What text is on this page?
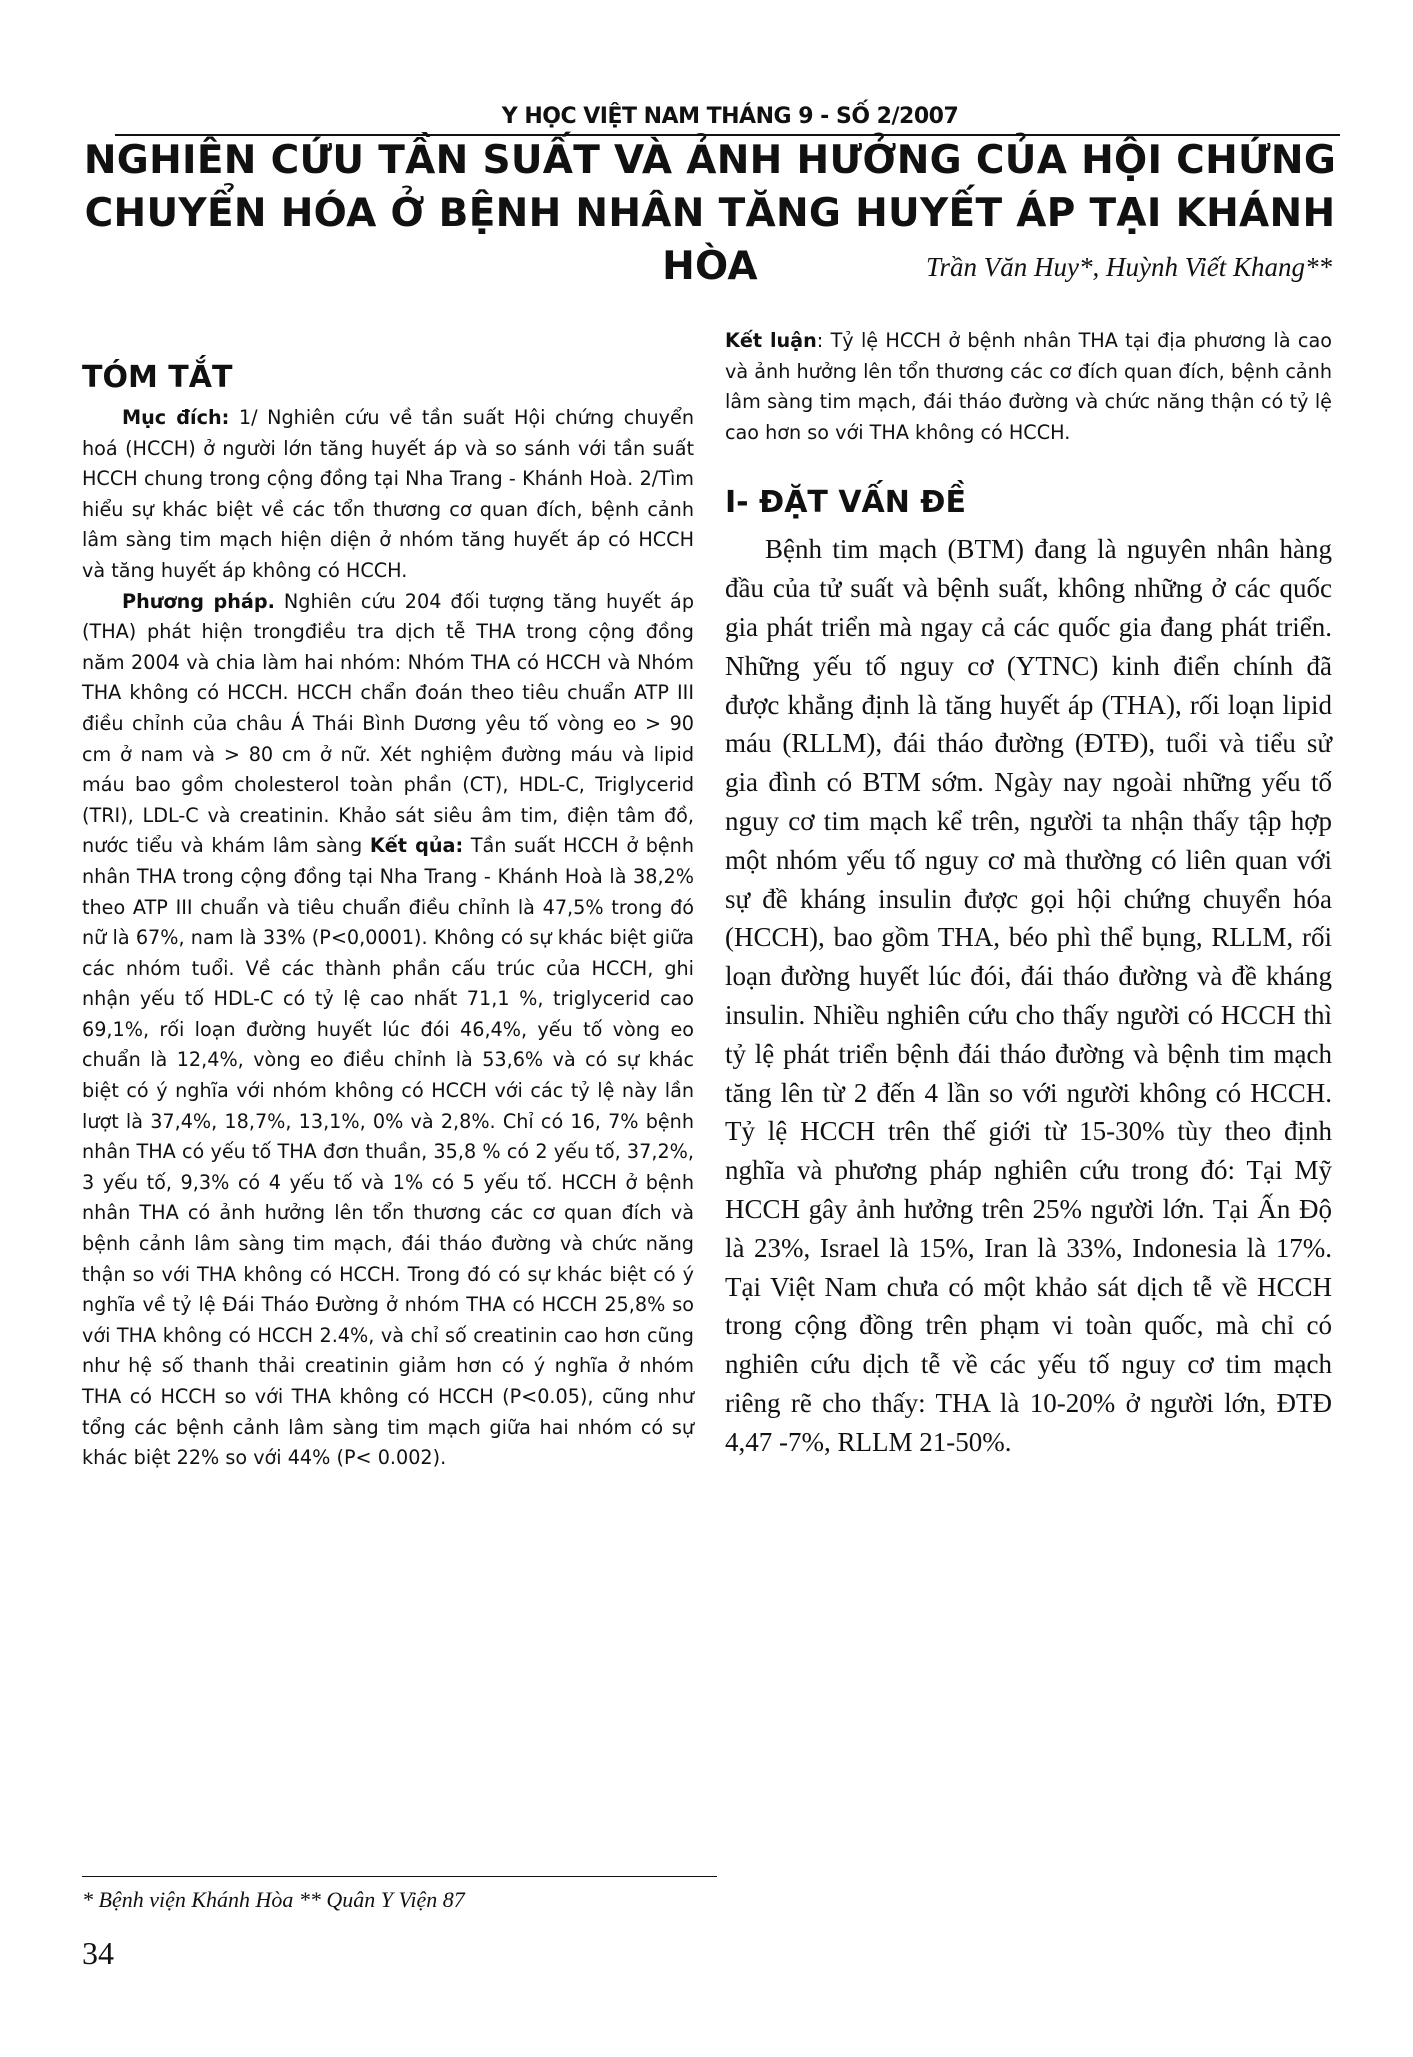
Y HỌC VIỆT NAM THÁNG 9 - SỐ 2/2007
NGHIÊN CỨU TẦN SUẤT VÀ ẢNH HƯỞNG CỦA HỘI CHỨNG
CHUYỂN HÓA Ở BỆNH NHÂN TĂNG HUYẾT ÁP TẠI KHÁNH HÒA	Trần Văn Huy*, Huỳnh Viết Khang**
TÓM TẮT

Mục đích: 1/ Nghiên cứu về tần suất Hội chứng chuyển hoá (HCCH) ở người lớn tăng huyết áp và so sánh với tần suất HCCH chung trong cộng đồng tại Nha Trang - Khánh Hoà. 2/Tìm hiểu sự khác biệt về các tổn thương cơ quan đích, bệnh cảnh lâm sàng tim mạch hiện diện ở nhóm tăng huyết áp có HCCH và tăng huyết áp không có HCCH.

Phương pháp. Nghiên cứu 204 đối tượng tăng huyết áp (THA) phát hiện trongđiều tra dịch tễ THA trong cộng đồng năm 2004 và chia làm hai nhóm: Nhóm THA có HCCH và Nhóm THA không có HCCH. HCCH chẩn đoán theo tiêu chuẩn ATP III điều chỉnh của châu Á Thái Bình Dương yêu tố vòng eo > 90 cm ở nam và > 80 cm ở nữ. Xét nghiệm đường máu và lipid máu bao gồm cholesterol toàn phần (CT), HDL-C, Triglycerid (TRI), LDL-C và creatinin. Khảo sát siêu âm tim, điện tâm đồ, nước tiểu và khám lâm sàng Kết qủa: Tần suất HCCH ở bệnh nhân THA trong cộng đồng tại Nha Trang - Khánh Hoà là 38,2% theo ATP III chuẩn và tiêu chuẩn điều chỉnh là 47,5% trong đó nữ là 67%, nam là 33% (P<0,0001). Không có sự khác biệt giữa các nhóm tuổi. Về các thành phần cấu trúc của HCCH, ghi nhận yếu tố HDL-C có tỷ lệ cao nhất 71,1 %, triglycerid cao 69,1%, rối loạn đường huyết lúc đói 46,4%, yếu tố vòng eo chuẩn là 12,4%, vòng eo điều chỉnh là 53,6% và có sự khác biệt có ý nghĩa với nhóm không có HCCH với các tỷ lệ này lần lượt là 37,4%, 18,7%, 13,1%, 0% và 2,8%. Chỉ có 16, 7% bệnh nhân THA có yếu tố THA đơn thuần, 35,8 % có 2 yếu tố, 37,2%, 3 yếu tố, 9,3% có 4 yếu tố và 1% có 5 yếu tố. HCCH ở bệnh nhân THA có ảnh hưởng lên tổn thương các cơ quan đích và bệnh cảnh lâm sàng tim mạch, đái tháo đường và chức năng thận so với THA không có HCCH. Trong đó có sự khác biệt có ý nghĩa về tỷ lệ Đái Tháo Đường ở nhóm THA có HCCH 25,8% so với THA không có HCCH 2.4%, và chỉ số creatinin cao hơn cũng như hệ số thanh thải creatinin giảm hơn có ý nghĩa ở nhóm THA có HCCH so với THA không có HCCH (P<0.05), cũng như tổng các bệnh cảnh lâm sàng tim mạch giữa hai nhóm có sự khác biệt 22% so với 44% (P< 0.002).

Kết luận: Tỷ lệ HCCH ở bệnh nhân THA tại địa phương là cao và ảnh hưởng lên tổn thương các cơ đích quan đích, bệnh cảnh lâm sàng tim mạch, đái tháo đường và chức năng thận có tỷ lệ cao hơn so với THA không có HCCH.

I- ĐẶT VẤN ĐỀ

Bệnh tim mạch (BTM) đang là nguyên nhân hàng đầu của tử suất và bệnh suất, không những ở các quốc gia phát triển mà ngay cả các quốc gia đang phát triển. Những yếu tố nguy cơ (YTNC) kinh điển chính đã được khẳng định là tăng huyết áp (THA), rối loạn lipid máu (RLLM), đái tháo đường (ĐTĐ), tuổi và tiểu sử gia đình có BTM sớm. Ngày nay ngoài những yếu tố nguy cơ tim mạch kể trên, người ta nhận thấy tập hợp một nhóm yếu tố nguy cơ mà thường có liên quan với sự đề kháng insulin được gọi hội chứng chuyển hóa (HCCH), bao gồm THA, béo phì thể bụng, RLLM, rối loạn đường huyết lúc đói, đái tháo đường và đề kháng insulin. Nhiều nghiên cứu cho thấy người có HCCH thì tỷ lệ phát triển bệnh đái tháo đường và bệnh tim mạch tăng lên từ 2 đến 4 lần so với người không có HCCH. Tỷ lệ HCCH trên thế giới từ 15-30% tùy theo định nghĩa và phương pháp nghiên cứu trong đó: Tại Mỹ HCCH gây ảnh hưởng trên 25% người lớn. Tại Ấn Độ là 23%, Israel là 15%, Iran là 33%, Indonesia là 17%. Tại Việt Nam chưa có một khảo sát dịch tễ về HCCH trong cộng đồng trên phạm vi toàn quốc, mà chỉ có nghiên cứu dịch tễ về các yếu tố nguy cơ tim mạch riêng rẽ cho thấy: THA là 10-20% ở người lớn, ĐTĐ 4,47 -7%, RLLM 21-50%.

* Bệnh viện Khánh Hòa ** Quân Y Viện 87
34
